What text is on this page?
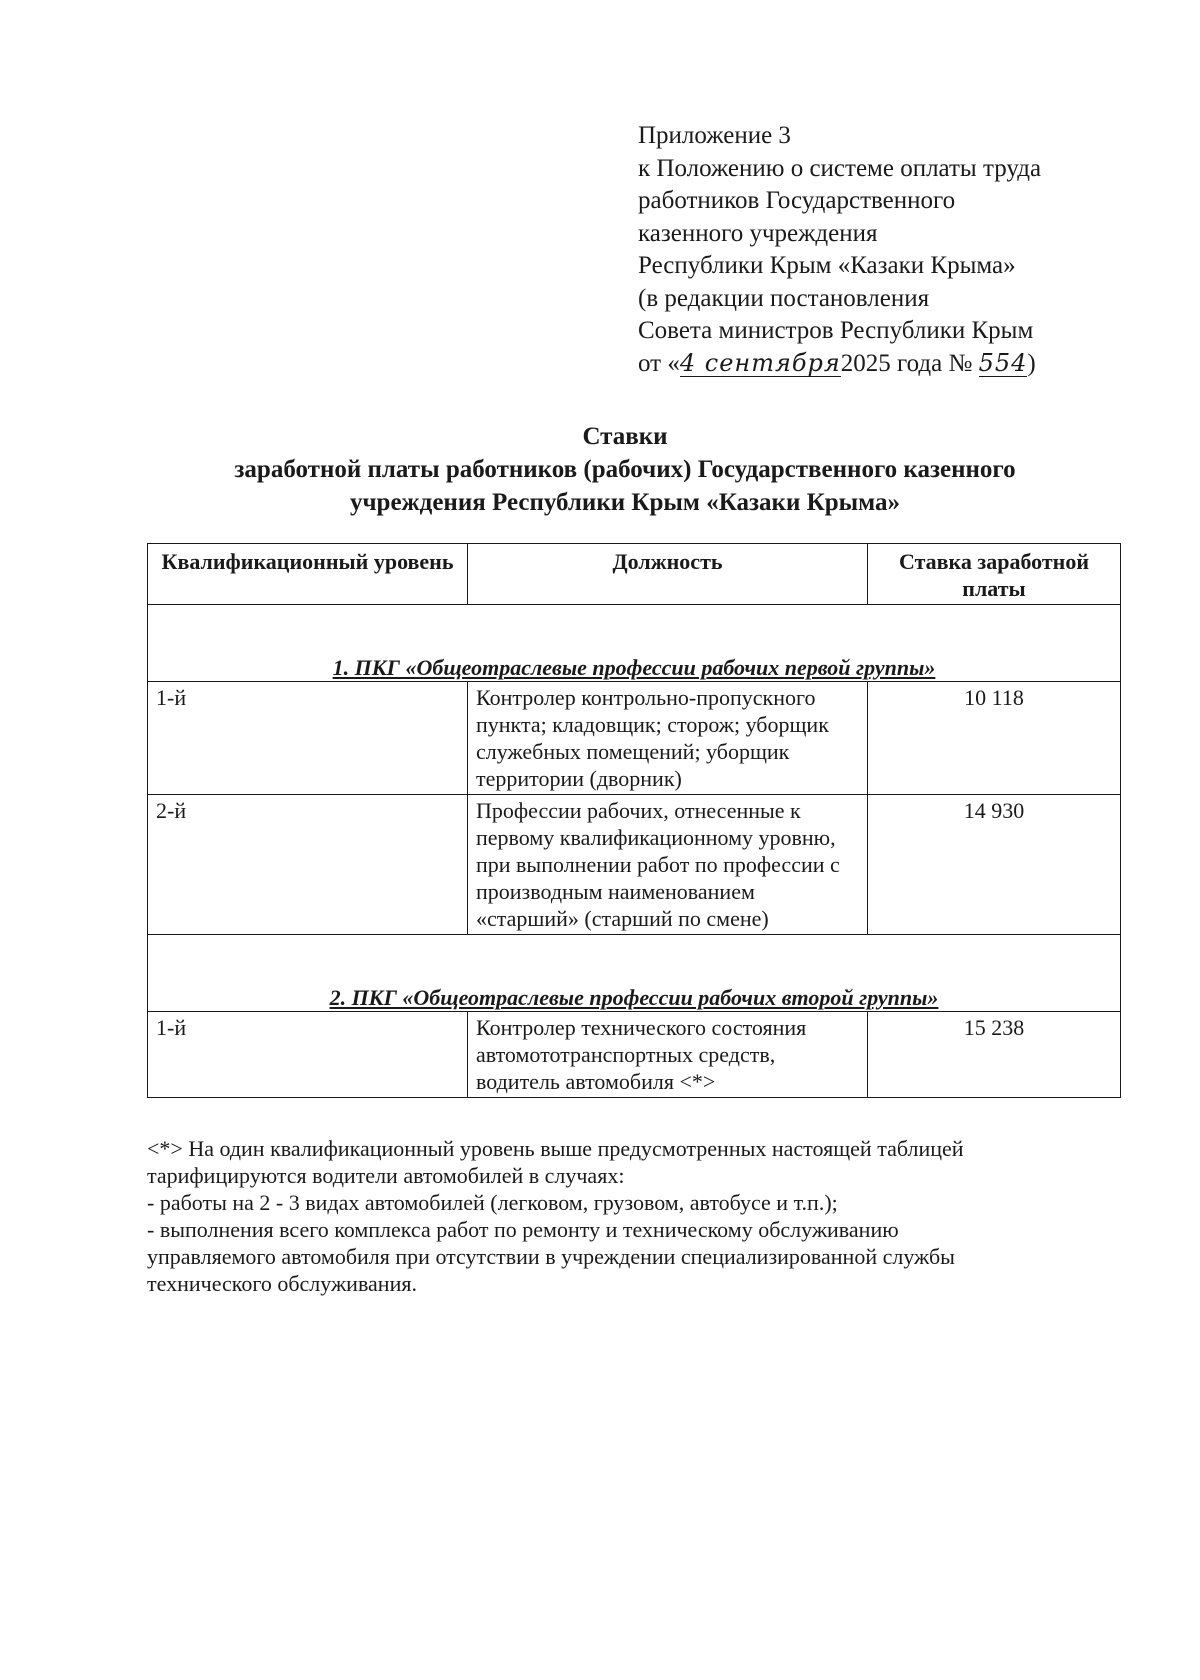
Приложение 3
к Положению о системе оплаты труда
работников Государственного
казенного учреждения
Республики Крым «Казаки Крыма»
(в редакции постановления
Совета министров Республики Крым
от «4 сентября2025 года № 554)
Ставки
заработной платы работников (рабочих) Государственного казенного
учреждения Республики Крым «Казаки Крыма»
Квалификационный уровень	Должность	Ставка заработной платы
1. ПКГ «Общеотраслевые профессии рабочих первой группы»		
1-й	Контролер контрольно-пропускного пункта; кладовщик; сторож; уборщик служебных помещений; уборщик территории (дворник)	10 118
2-й	Профессии рабочих, отнесенные к первому квалификационному уровню, при выполнении работ по профессии с производным наименованием «старший» (старший по смене)	14 930
2. ПКГ «Общеотраслевые профессии рабочих второй группы»		
1-й	Контролер технического состояния автомототранспортных средств, водитель автомобиля <*>	15 238
<*> На один квалификационный уровень выше предусмотренных настоящей таблицей
тарифицируются водители автомобилей в случаях:
- работы на 2 - 3 видах автомобилей (легковом, грузовом, автобусе и т.п.);
- выполнения всего комплекса работ по ремонту и техническому обслуживанию
управляемого автомобиля при отсутствии в учреждении специализированной службы
технического обслуживания.
